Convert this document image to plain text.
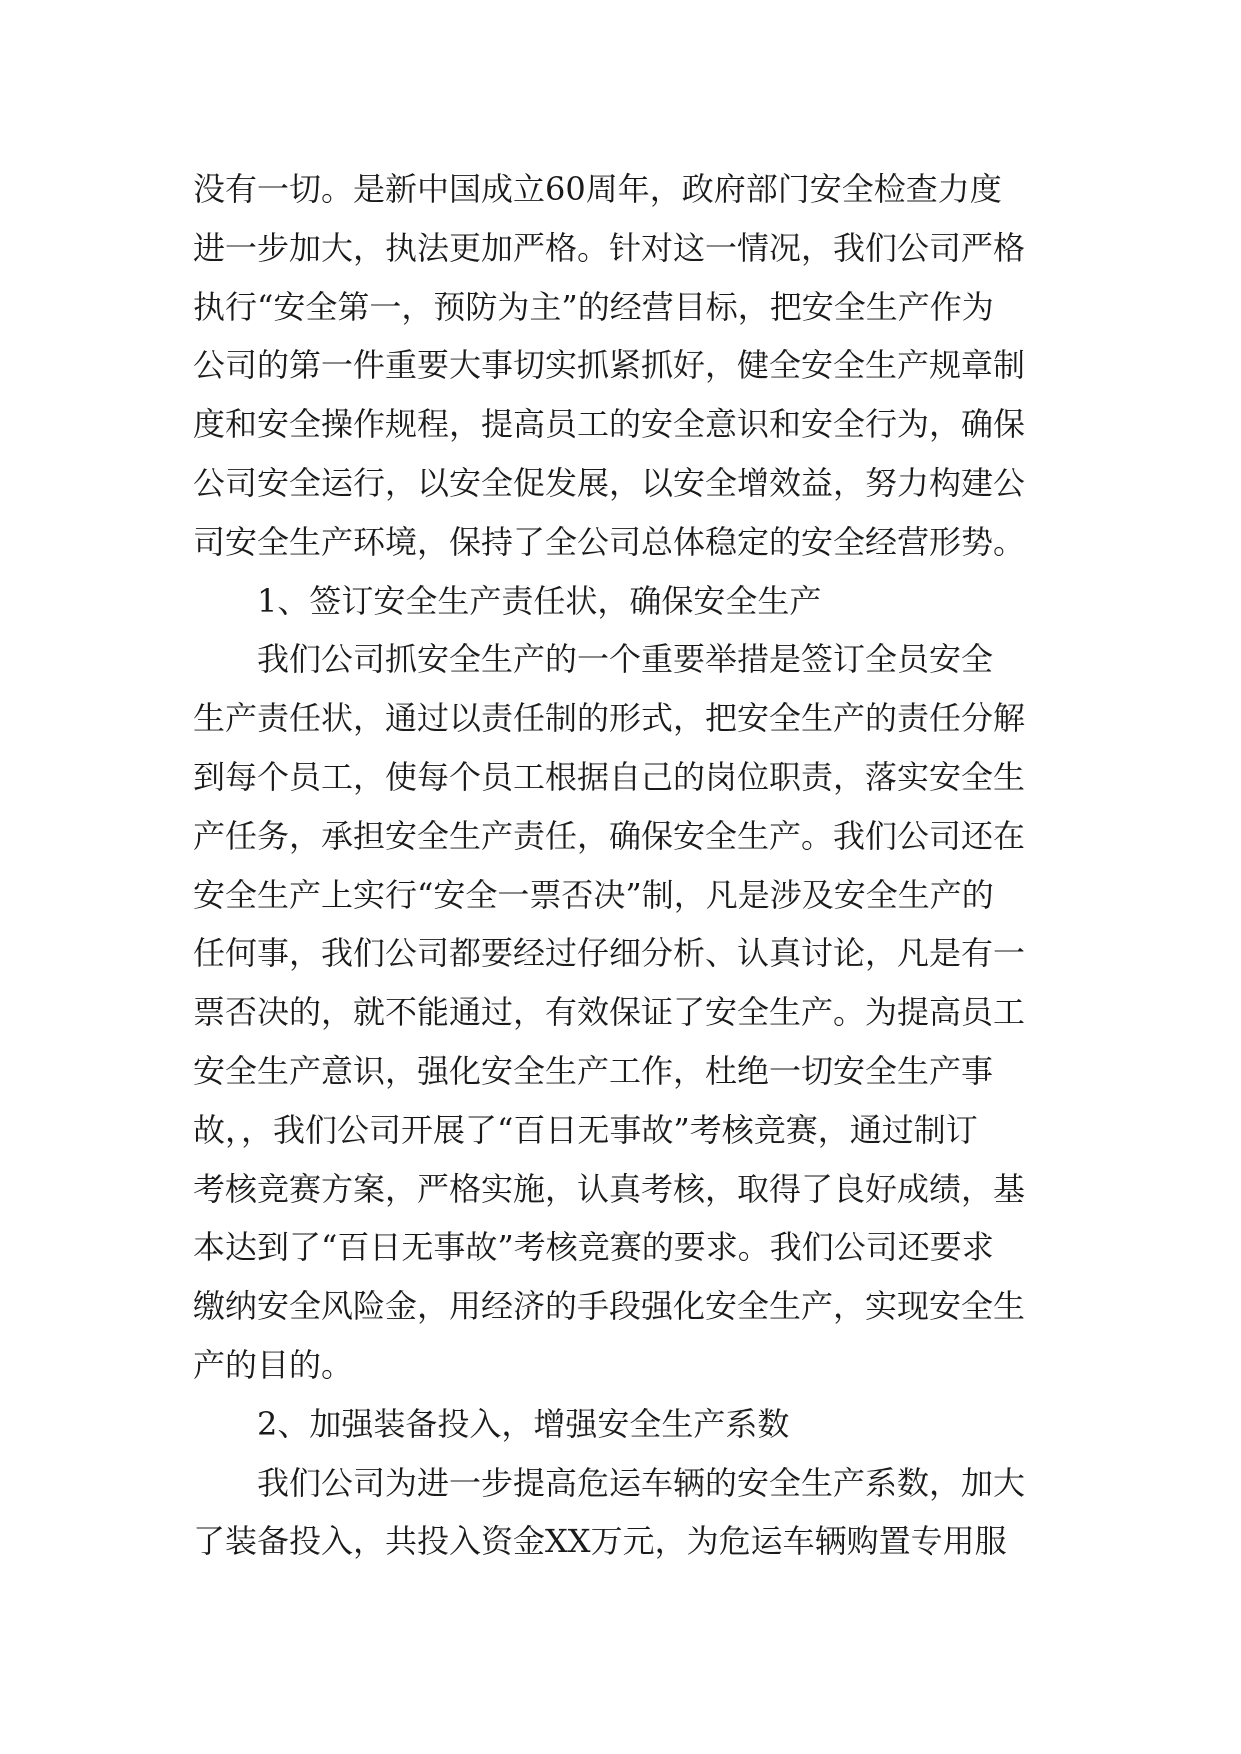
没有一切。是新中国成立60周年，政府部门安全检查力度
进一步加大，执法更加严格。针对这一情况，我们公司严格
执行“安全第一，预防为主”的经营目标，把安全生产作为
公司的第一件重要大事切实抓紧抓好，健全安全生产规章制
度和安全操作规程，提高员工的安全意识和安全行为，确保
公司安全运行，以安全促发展，以安全增效益，努力构建公
司安全生产环境，保持了全公司总体稳定的安全经营形势。
1、签订安全生产责任状，确保安全生产
我们公司抓安全生产的一个重要举措是签订全员安全
生产责任状，通过以责任制的形式，把安全生产的责任分解
到每个员工，使每个员工根据自己的岗位职责，落实安全生
产任务，承担安全生产责任，确保安全生产。我们公司还在
安全生产上实行“安全一票否决”制，凡是涉及安全生产的
任何事，我们公司都要经过仔细分析、认真讨论，凡是有一
票否决的，就不能通过，有效保证了安全生产。为提高员工
安全生产意识，强化安全生产工作，杜绝一切安全生产事
故，，我们公司开展了“百日无事故”考核竞赛，通过制订
考核竞赛方案，严格实施，认真考核，取得了良好成绩，基
本达到了“百日无事故”考核竞赛的要求。我们公司还要求
缴纳安全风险金，用经济的手段强化安全生产，实现安全生
产的目的。
2、加强装备投入，增强安全生产系数
我们公司为进一步提高危运车辆的安全生产系数，加大
了装备投入，共投入资金XX万元，为危运车辆购置专用服
